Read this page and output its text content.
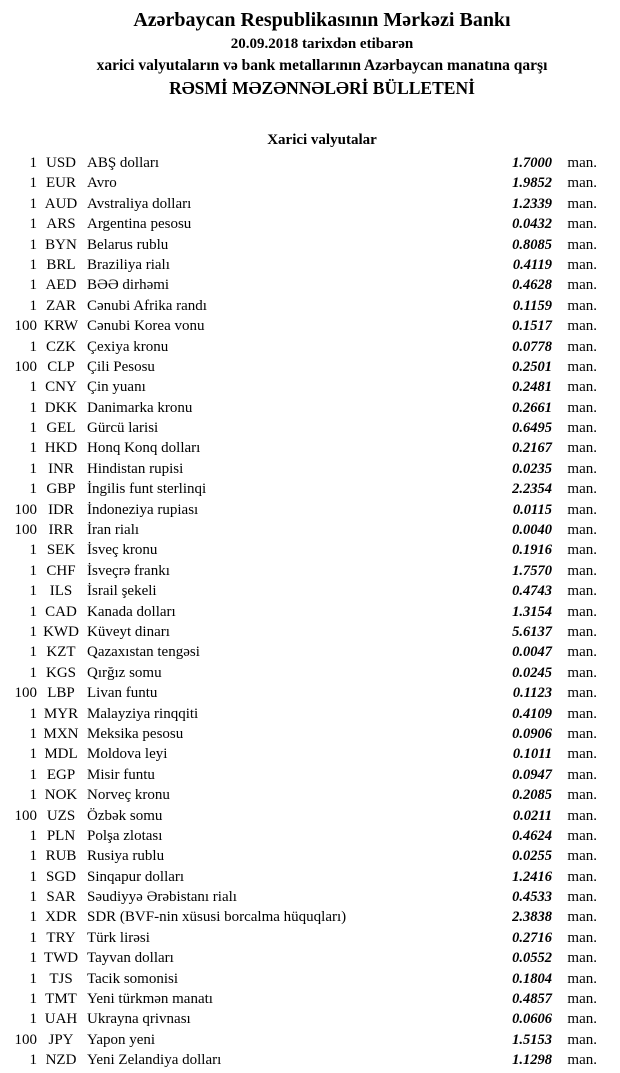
Azərbaycan Respublikasının Mərkəzi Bankı
20.09.2018 tarixdən etibarən
xarici valyutaların və bank metallarının Azərbaycan manatına qarşı
RƏSMİ MƏZƏNNƏLƏRİ BÜLLETENİ
Xarici valyutalar
1 USD ABŞ dolları	1.7000	man.
1 EUR Avro	1.9852	man.
1 AUD Avstraliya dolları	1.2339	man.
1 ARS Argentina pesosu	0.0432	man.
1 BYN Belarus rublu	0.8085	man.
1 BRL Braziliya rialı	0.4119	man.
1 AED BƏƏ dirhəmi	0.4628	man.
1 ZAR Cənubi Afrika randı	0.1159	man.
100 KRW Cənubi Korea vonu	0.1517	man.
1 CZK Çexiya kronu	0.0778	man.
100 CLP Çili Pesosu	0.2501	man.
1 CNY Çin yuanı	0.2481	man.
1 DKK Danimarka kronu	0.2661	man.
1 GEL Gürcü larisi	0.6495	man.
1 HKD Honq Konq dolları	0.2167	man.
1 INR Hindistan rupisi	0.0235	man.
1 GBP İngilis funt sterlinqi	2.2354	man.
100 IDR İndoneziya rupiası	0.0115	man.
100 IRR İran rialı	0.0040	man.
1 SEK İsveç kronu	0.1916	man.
1 CHF İsveçrə frankı	1.7570	man.
1 ILS İsrail şekeli	0.4743	man.
1 CAD Kanada dolları	1.3154	man.
1 KWD Küveyt dinarı	5.6137	man.
1 KZT Qazaxıstan tengəsi	0.0047	man.
1 KGS Qırğız somu	0.0245	man.
100 LBP Livan funtu	0.1123	man.
1 MYR Malayziya rinqqiti	0.4109	man.
1 MXN Meksika pesosu	0.0906	man.
1 MDL Moldova leyi	0.1011	man.
1 EGP Misir funtu	0.0947	man.
1 NOK Norveç kronu	0.2085	man.
100 UZS Özbək somu	0.0211	man.
1 PLN Polşa zlotası	0.4624	man.
1 RUB Rusiya rublu	0.0255	man.
1 SGD Sinqapur dolları	1.2416	man.
1 SAR Səudiyyə Ərəbistanı rialı	0.4533	man.
1 XDR SDR (BVF-nin xüsusi borcalma hüquqları)	2.3838	man.
1 TRY Türk lirəsi	0.2716	man.
1 TWD Tayvan dolları	0.0552	man.
1 TJS Tacik somonisi	0.1804	man.
1 TMT Yeni türkmən manatı	0.4857	man.
1 UAH Ukrayna qrivnası	0.0606	man.
100 JPY Yapon yeni	1.5153	man.
1 NZD Yeni Zelandiya dolları	1.1298	man.
